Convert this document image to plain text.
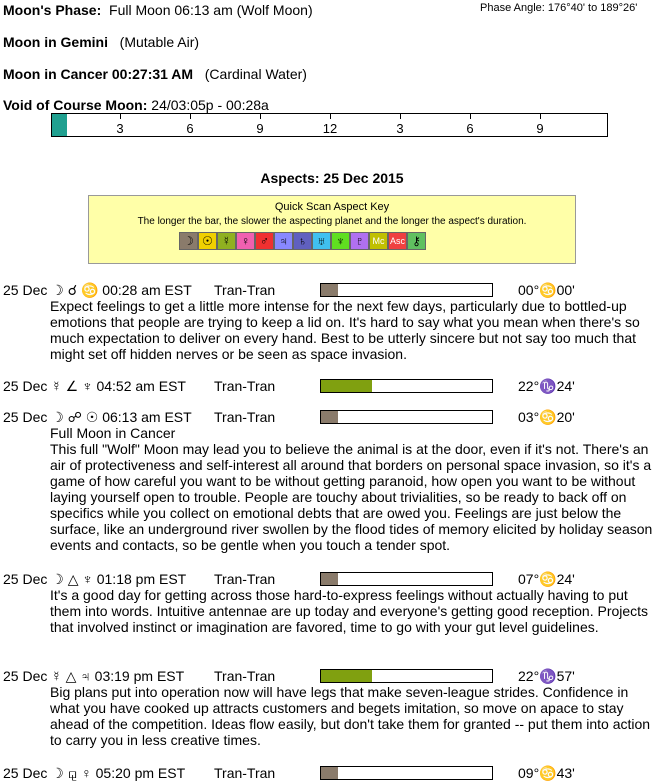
Moon's Phase: Full Moon 06:13 am (Wolf Moon)	Phase Angle: 176°40' to 189°26'
Moon in Gemini (Mutable Air)
Moon in Cancer 00:27:31 AM (Cardinal Water)
Void of Course Moon: 24/03:05p - 00:28a
3	6	9	12	3	6	9
Aspects: 25 Dec 2015
Quick Scan Aspect Key
The longer the bar, the slower the aspecting planet and the longer the aspect's duration.
☽ ☉ ☿ ♀ ♂ ♃ ♄ ♅ ♆ ♇ Mc Asc ⚷
25 Dec ☽ ☌ ♋ 00:28 am EST Tran-Tran	00°♋00'
Expect feelings to get a little more intense for the next few days, particularly due to bottled-up emotions that people are trying to keep a lid on. It's hard to say what you mean when there's so much expectation to deliver on every hand. Best to be utterly sincere but not say too much that might set off hidden nerves or be seen as space invasion.
25 Dec ☿ ∠ ♆ 04:52 am EST Tran-Tran	22°♑24'
25 Dec ☽ ☍ ☉ 06:13 am EST Tran-Tran	03°♋20'
Full Moon in Cancer
This full "Wolf" Moon may lead you to believe the animal is at the door, even if it's not. There's an air of protectiveness and self-interest all around that borders on personal space invasion, so it's a game of how careful you want to be without getting paranoid, how open you want to be without laying yourself open to trouble. People are touchy about trivialities, so be ready to back off on specifics while you collect on emotional debts that are owed you. Feelings are just below the surface, like an underground river swollen by the flood tides of memory elicited by holiday season events and contacts, so be gentle when you touch a tender spot.
25 Dec ☽ △ ♆ 01:18 pm EST Tran-Tran	07°♋24'
It's a good day for getting across those hard-to-express feelings without actually having to put them into words. Intuitive antennae are up today and everyone's getting good reception. Projects that involved instinct or imagination are favored, time to go with your gut level guidelines.
25 Dec ☿ △ ♃ 03:19 pm EST Tran-Tran	22°♑57'
Big plans put into operation now will have legs that make seven-league strides. Confidence in what you have cooked up attracts customers and begets imitation, so move on apace to stay ahead of the competition. Ideas flow easily, but don't take them for granted -- put them into action to carry you in less creative times.
25 Dec ☽ ⚼ ♀ 05:20 pm EST Tran-Tran	09°♋43'
